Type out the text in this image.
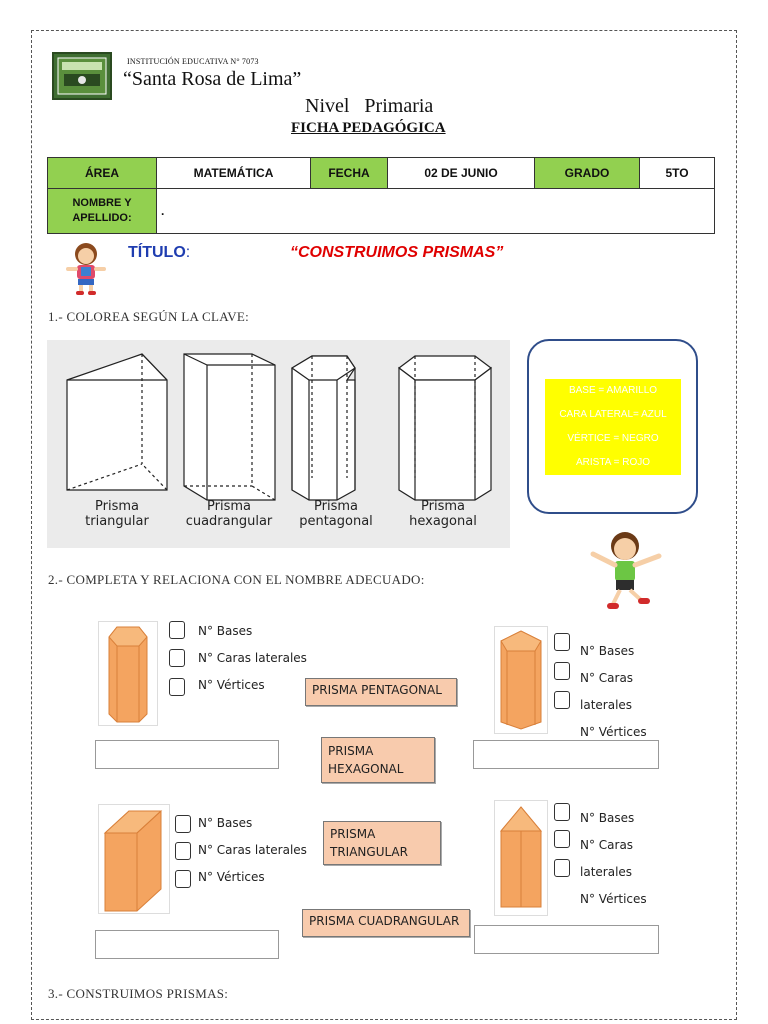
INSTITUCIÓN EDUCATIVA N° 7073
“Santa Rosa de Lima”
Nivel   Primaria
FICHA PEDAGÓGICA
ÁREA	MATEMÁTICA	FECHA	02 DE JUNIO	GRADO	5TO
NOMBRE Y
APELLIDO:	.				
TÍTULO:	“CONSTRUIMOS PRISMAS”
1.- COLOREA SEGÚN LA CLAVE:
Prisma
triangular
Prisma
cuadrangular
Prisma
pentagonal
Prisma
hexagonal
BASE = AMARILLO
CARA LATERAL= AZUL
VÉRTICE = NEGRO
ARISTA = ROJO
2.- COMPLETA Y RELACIONA CON EL NOMBRE ADECUADO:
N° Bases
N° Caras laterales
N° Vértices
N° Bases
N° Caras
laterales
N° Vértices
PRISMA PENTAGONAL
PRISMA
HEXAGONAL
N° Bases
N° Caras laterales
N° Vértices
N° Bases
N° Caras
laterales
N° Vértices
PRISMA
TRIANGULAR
PRISMA CUADRANGULAR
3.- CONSTRUIMOS PRISMAS:
